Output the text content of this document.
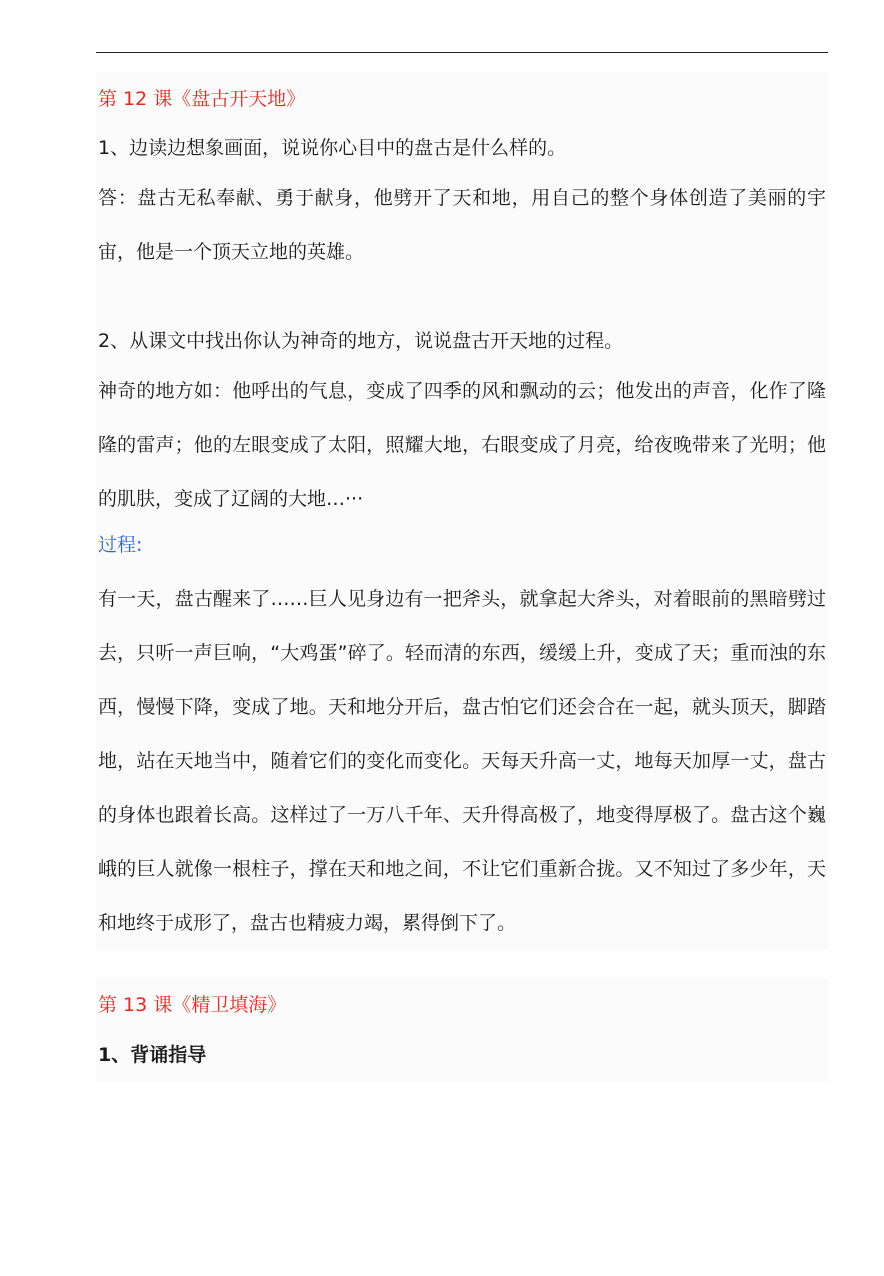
第 12 课《盘古开天地》

1、边读边想象画面，说说你心目中的盘古是什么样的。

答：盘古无私奉献、勇于献身，他劈开了天和地，用自己的整个身体创造了美丽的宇宙，他是一个顶天立地的英雄。

2、从课文中找出你认为神奇的地方，说说盘古开天地的过程。

神奇的地方如：他呼出的气息，变成了四季的风和飘动的云；他发出的声音，化作了隆隆的雷声；他的左眼变成了太阳，照耀大地，右眼变成了月亮，给夜晚带来了光明；他的肌肤，变成了辽阔的大地…···

过程:

有一天，盘古醒来了……巨人见身边有一把斧头，就拿起大斧头，对着眼前的黑暗劈过去，只听一声巨响，“大鸡蛋”碎了。轻而清的东西，缓缓上升，变成了天；重而浊的东西，慢慢下降，变成了地。天和地分开后，盘古怕它们还会合在一起，就头顶天，脚踏地，站在天地当中，随着它们的变化而变化。天每天升高一丈，地每天加厚一丈，盘古的身体也跟着长高。这样过了一万八千年、天升得高极了，地变得厚极了。盘古这个巍峨的巨人就像一根柱子，撑在天和地之间，不让它们重新合拢。又不知过了多少年，天和地终于成形了，盘古也精疲力竭，累得倒下了。

第 13 课《精卫填海》

1、背诵指导
